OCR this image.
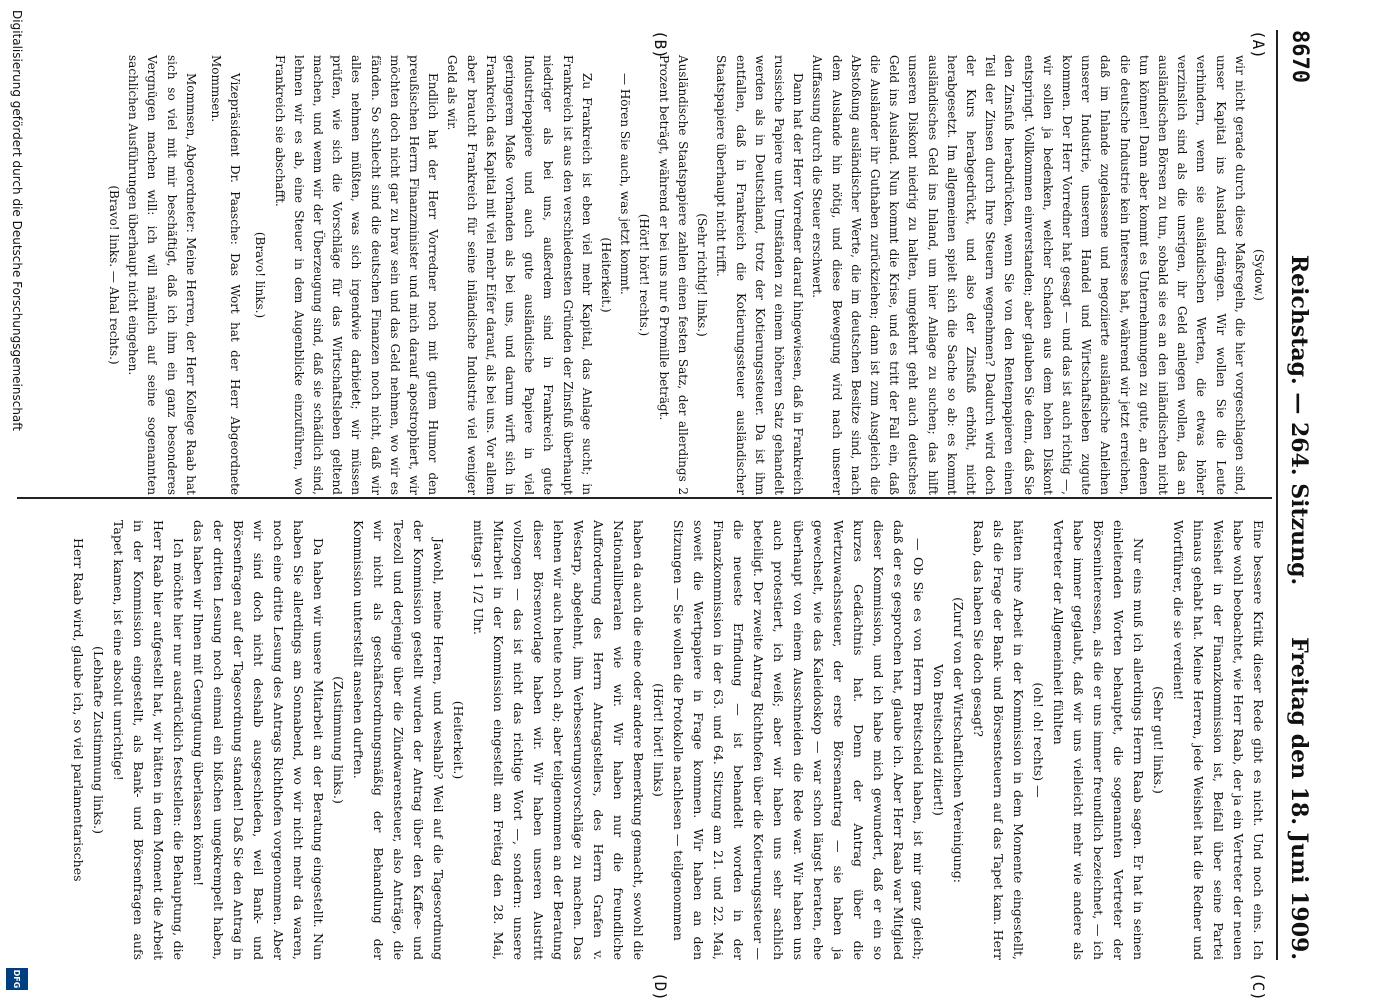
8670
Reichstag. — 264. Sitzung.
Freitag den 18. Juni 1909.
(A)
(B)
(C)
(D)

(Sydow.)

wir nicht gerade durch diese Maßregeln, die hier vorgeschlagen sind, unser Kapital ins Ausland drängen. Wir wollen Sie die Leute verhindern, wenn sie ausländischen Werten, die etwas höher verzinslich sind als die unsrigen, ihr Geld anlegen wollen, das an ausländischen Börsen zu tun, sobald sie es an den inländischen nicht tun können! Dann aber kommt es Unternehmungen zu gute, an denen die deutsche Industrie kein Interesse hat, während wir jetzt erreichen, daß im Inlande zugelassene und negoziierte ausländische Anleihen unserer Industrie, unserem Handel und Wirtschaftsleben zugute kommen. Der Herr Vorredner hat gesagt — und das ist auch richtig —, wir sollen ja bedenken, welcher Schaden aus dem hohen Diskont entspringt. Vollkommen einverstanden; aber glauben Sie denn, daß Sie den Zinsfuß herabdrücken, wenn Sie von den Rentenpapieren einen Teil der Zinsen durch Ihre Steuern wegnehmen? Dadurch wird doch der Kurs herabgedrückt, und also der Zinsfuß erhöht, nicht herabgesetzt. Im allgemeinen spielt sich die Sache so ab: es kommt ausländisches Geld ins Inland, um hier Anlage zu suchen; das hilft unseren Diskont niedrig zu halten, umgekehrt geht auch deutsches Geld ins Ausland. Nun kommt die Krise, und es tritt der Fall ein, daß die Ausländer ihr Guthaben zurückziehen; dann ist zum Ausgleich die Abstoßung ausländischer Werte, die im deutschen Besitze sind, nach dem Auslande hin nötig, und diese Bewegung wird nach unserer Auffassung durch die Steuer erschwert.

Dann hat der Herr Vorredner darauf hingewiesen, daß in Frankreich russische Papiere unter Umständen zu einem höheren Satz gehandelt werden als in Deutschland, trotz der Kotierungssteuer. Da ist ihm entfallen, daß in Frankreich die Kotierungssteuer ausländischer Staatspapiere überhaupt nicht trifft.

(Sehr richtig! links.)

Ausländische Staatspapiere zahlen einen festen Satz, der allerdings 2 Prozent beträgt, während er bei uns nur 6 Promille beträgt.

(Hört! hört! rechts.)

— Hören Sie auch, was jetzt kommt.

(Heiterkeit.)

Zu Frankreich ist eben viel mehr Kapital, das Anlage sucht; in Frankreich ist aus den verschiedensten Gründen der Zinsfuß überhaupt niedriger als bei uns, außerdem sind in Frankreich gute Industriepapiere und auch gute ausländische Papiere in viel geringerem Maße vorhanden als bei uns, und darum wirft sich in Frankreich das Kapital mit viel mehr Eifer darauf, als bei uns. Vor allem aber braucht Frankreich für seine inländische Industrie viel weniger Geld als wir.

Endlich hat der Herr Vorredner noch mit gutem Humor den preußischen Herrn Finanzminister und mich darauf apostrophiert, wir möchten doch nicht gar zu brav sein und das Geld nehmen, wo wir es fänden. So schlecht sind die deutschen Finanzen noch nicht, daß wir alles nehmen müßten, was sich irgendwie darbietet; wir müssen prüfen, wie sich die Vorschläge für das Wirtschaftsleben geltend machen, und wenn wir der Überzeugung sind, daß sie schädlich sind, lehnen wir es ab, eine Steuer in dem Augenblicke einzuführen, wo Frankreich sie abschafft.

(Bravo! links.)

Vizepräsident Dr. Paasche: Das Wort hat der Herr Abgeordnete Mommsen.

Mommsen, Abgeordneter: Meine Herren, der Herr Kollege Raab hat sich so viel mit mir beschäftigt, daß ich ihm ein ganz besonderes Vergnügen machen will: ich will nämlich auf seine sogenannten sachlichen Ausführungen überhaupt nicht eingehen.

(Bravo! links. — Ahal rechts.)

Eine bessere Kritik dieser Rede gibt es nicht. Und noch eins. Ich habe wohl beobachtet, wie Herr Raab, der ja ein Vertreter der neuen Weisheit in der Finanzkommission ist, Beifall über seine Partei hinaus gehabt hat. Meine Herren, jede Weisheit hat die Redner und Wortführer, die sie verdient!

(Sehr gut! links.)

Nur eins muß ich allerdings Herrn Raab sagen. Er hat in seinen einleitenden Worten behauptet, die sogenannten Vertreter der Börseninteressen, als die er uns immer freundlich bezeichnet, — ich habe immer geglaubt, daß wir uns vielleicht mehr wie andere als Vertreter der Allgemeinheit fühlten

(oh! oh! rechts) —

hätten ihre Arbeit in der Kommission in dem Momente eingestellt, als die Frage der Bank- und Börsensteuern auf das Tapet kam. Herr Raab, das haben Sie doch gesagt?

(Zuruf von der Wirtschaftlichen Vereinigung:

Von Breitscheid zitiert!)

— Ob Sie es von Herrn Breitscheid haben, ist mir ganz gleich; daß der es gesprochen hat, glaube ich. Aber Herr Raab war Mitglied dieser Kommission, und ich habe mich gewundert, daß er ein so kurzes Gedächtnis hat. Denn der Antrag über die Wertzuwachssteuer, der erste Börsenantrag — sie haben ja gewechselt, wie das Kaleidoskop — war schon längst beraten, ehe überhaupt von einem Ausschneiden die Rede war. Wir haben uns auch protestiert, ich weiß; aber wir haben uns sehr sachlich beteiligt. Der zweite Antrag Richthofen über die Kotierungssteuer — die neueste Erfindung — ist behandelt worden in der Finanzkommission in der 63. und 64. Sitzung am 21. und 22. Mai, soweit die Wertpapiere in Frage kommen. Wir haben an den Sitzungen — Sie wollen die Protokolle nachlesen — teilgenommen

(Hört! hört! links)

haben da auch die eine oder andere Bemerkung gemacht, sowohl die Nationalliberalen wie wir. Wir haben nur die freundliche Aufforderung des Herrn Antragstellers, des Herrn Grafen v. Westarp, abgelehnt, ihm Verbesserungsvorschläge zu machen. Das lehnen wir auch heute noch ab; aber teilgenommen an der Beratung dieser Börsenvorlage haben wir. Wir haben unseren Austritt vollzogen — das ist nicht das richtige Wort —, sondern: unsere Mitarbeit in der Kommission eingestellt am Freitag den 28. Mai, mittags 1 1/2 Uhr.

(Heiterkeit.)

Jawohl, meine Herren, und weshalb? Weil auf die Tagesordnung der Kommission gestellt wurden der Antrag über den Kaffee- und Teezoll und derjenige über die Zündwarensteuer, also Anträge, die wir nicht als geschäftsordnungsmäßig der Behandlung der Kommission unterstellt ansehen durften.

(Zustimmung links.)

Da haben wir unsere Mitarbeit an der Beratung eingestellt. Nun haben Sie allerdings am Sonnabend, wo wir nicht mehr da waren, noch eine dritte Lesung des Antrags Richthofen vorgenommen. Aber wir sind doch nicht deshalb ausgeschieden, weil Bank- und Börsenfragen auf der Tagesordnung standen! Daß Sie den Antrag in der dritten Lesung noch einmal ein bißchen umgekrempelt haben, das haben wir Ihnen mit Genugtuung überlassen können!

Ich möchte hier nur ausdrücklich feststellen: die Behauptung, die Herr Raab hier aufgestellt hat, wir hätten in dem Moment die Arbeit in der Kommission eingestellt, als Bank- und Börsenfragen aufs Tapet kamen, ist eine absolut unrichtige!

(Lebhafte Zustimmung links.)

Herr Raab wird, glaube ich, so viel parlamentarisches

Digitalisierung gefördert durch die Deutsche Forschungsgemeinschaft
DFG
